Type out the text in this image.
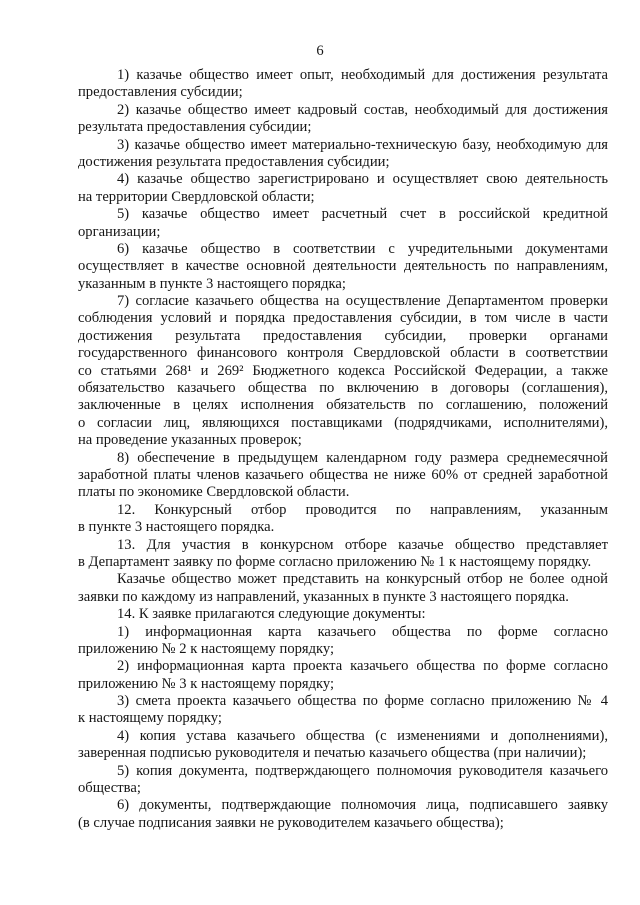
6
1) казачье общество имеет опыт, необходимый для достижения результата
предоставления субсидии;
2) казачье общество имеет кадровый состав, необходимый для достижения
результата предоставления субсидии;
3) казачье общество имеет материально-техническую базу, необходимую для
достижения результата предоставления субсидии;
4) казачье общество зарегистрировано и осуществляет свою деятельность
на территории Свердловской области;
5) казачье общество имеет расчетный счет в российской кредитной
организации;
6) казачье общество в соответствии с учредительными документами
осуществляет в качестве основной деятельности деятельность по направлениям,
указанным в пункте 3 настоящего порядка;
7) согласие казачьего общества на осуществление Департаментом проверки
соблюдения условий и порядка предоставления субсидии, в том числе в части
достижения результата предоставления субсидии, проверки органами
государственного финансового контроля Свердловской области в соответствии
со статьями 268¹ и 269² Бюджетного кодекса Российской Федерации, а также
обязательство казачьего общества по включению в договоры (соглашения),
заключенные в целях исполнения обязательств по соглашению, положений
о согласии лиц, являющихся поставщиками (подрядчиками, исполнителями),
на проведение указанных проверок;
8) обеспечение в предыдущем календарном году размера среднемесячной
заработной платы членов казачьего общества не ниже 60% от средней заработной
платы по экономике Свердловской области.
12. Конкурсный отбор проводится по направлениям, указанным
в пункте 3 настоящего порядка.
13. Для участия в конкурсном отборе казачье общество представляет
в Департамент заявку по форме согласно приложению № 1 к настоящему порядку.
Казачье общество может представить на конкурсный отбор не более одной
заявки по каждому из направлений, указанных в пункте 3 настоящего порядка.
14. К заявке прилагаются следующие документы:
1) информационная карта казачьего общества по форме согласно
приложению № 2 к настоящему порядку;
2) информационная карта проекта казачьего общества по форме согласно
приложению № 3 к настоящему порядку;
3) смета проекта казачьего общества по форме согласно приложению № 4
к настоящему порядку;
4) копия устава казачьего общества (с изменениями и дополнениями),
заверенная подписью руководителя и печатью казачьего общества (при наличии);
5) копия документа, подтверждающего полномочия руководителя казачьего
общества;
6) документы, подтверждающие полномочия лица, подписавшего заявку
(в случае подписания заявки не руководителем казачьего общества);
